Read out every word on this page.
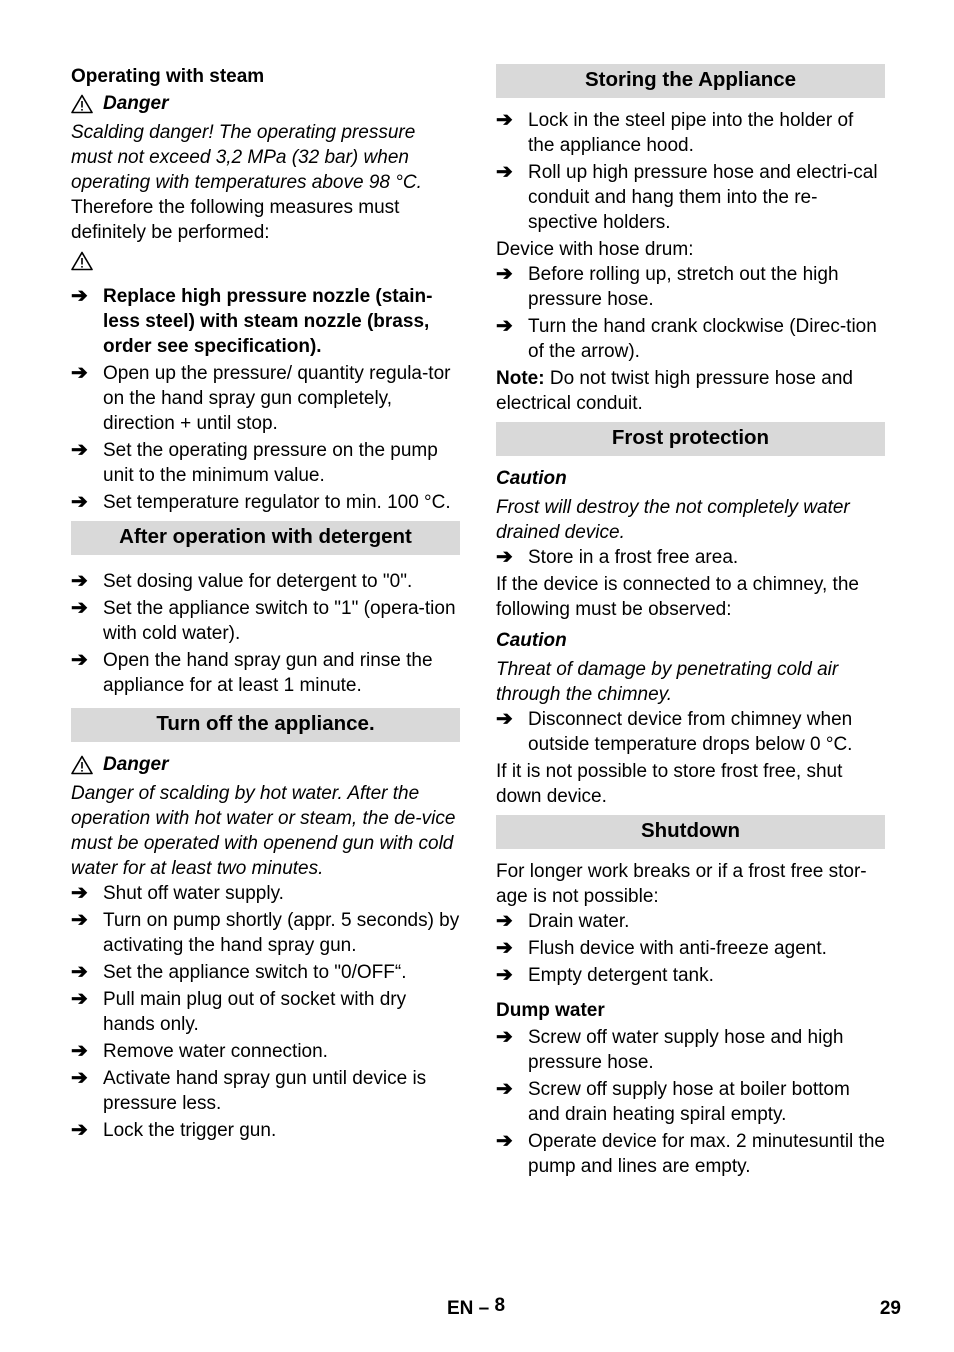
Operating with steam

Danger

Scalding danger! The operating pressure must not exceed 3,2 MPa (32 bar) when operating with temperatures above 98 °C.

Therefore the following measures must definitely be performed:

➔ Replace high pressure nozzle (stain-less steel) with steam nozzle (brass, order see specification).
➔ Open up the pressure/ quantity regula-tor on the hand spray gun completely, direction + until stop.
➔ Set the operating pressure on the pump unit to the minimum value.
➔ Set temperature regulator to min. 100 °C.

After operation with detergent

➔ Set dosing value for detergent to "0".
➔ Set the appliance switch to "1" (opera-tion with cold water).
➔ Open the hand spray gun and rinse the appliance for at least 1 minute.

Turn off the appliance.

Danger

Danger of scalding by hot water. After the operation with hot water or steam, the de-vice must be operated with openend gun with cold water for at least two minutes.

➔ Shut off water supply.
➔ Turn on pump shortly (appr. 5 seconds) by activating the hand spray gun.
➔ Set the appliance switch to "0/OFF“.
➔ Pull main plug out of socket with dry hands only.
➔ Remove water connection.
➔ Activate hand spray gun until device is pressure less.
➔ Lock the trigger gun.

Storing the Appliance

➔ Lock in the steel pipe into the holder of the appliance hood.
➔ Roll up high pressure hose and electri-cal conduit and hang them into the re-spective holders.

Device with hose drum:

➔ Before rolling up, stretch out the high pressure hose.
➔ Turn the hand crank clockwise (Direc-tion of the arrow).

Note: Do not twist high pressure hose and electrical conduit.

Frost protection

Caution

Frost will destroy the not completely water drained device.

➔ Store in a frost free area.

If the device is connected to a chimney, the following must be observed:

Caution

Threat of damage by penetrating cold air through the chimney.

➔ Disconnect device from chimney when outside temperature drops below 0 °C.

If it is not possible to store frost free, shut down device.

Shutdown

For longer work breaks or if a frost free stor-age is not possible:

➔ Drain water.
➔ Flush device with anti-freeze agent.
➔ Empty detergent tank.

Dump water

➔ Screw off water supply hose and high pressure hose.
➔ Screw off supply hose at boiler bottom and drain heating spiral empty.
➔ Operate device for max. 2 minutesuntil the pump and lines are empty.
EN – 8	29
